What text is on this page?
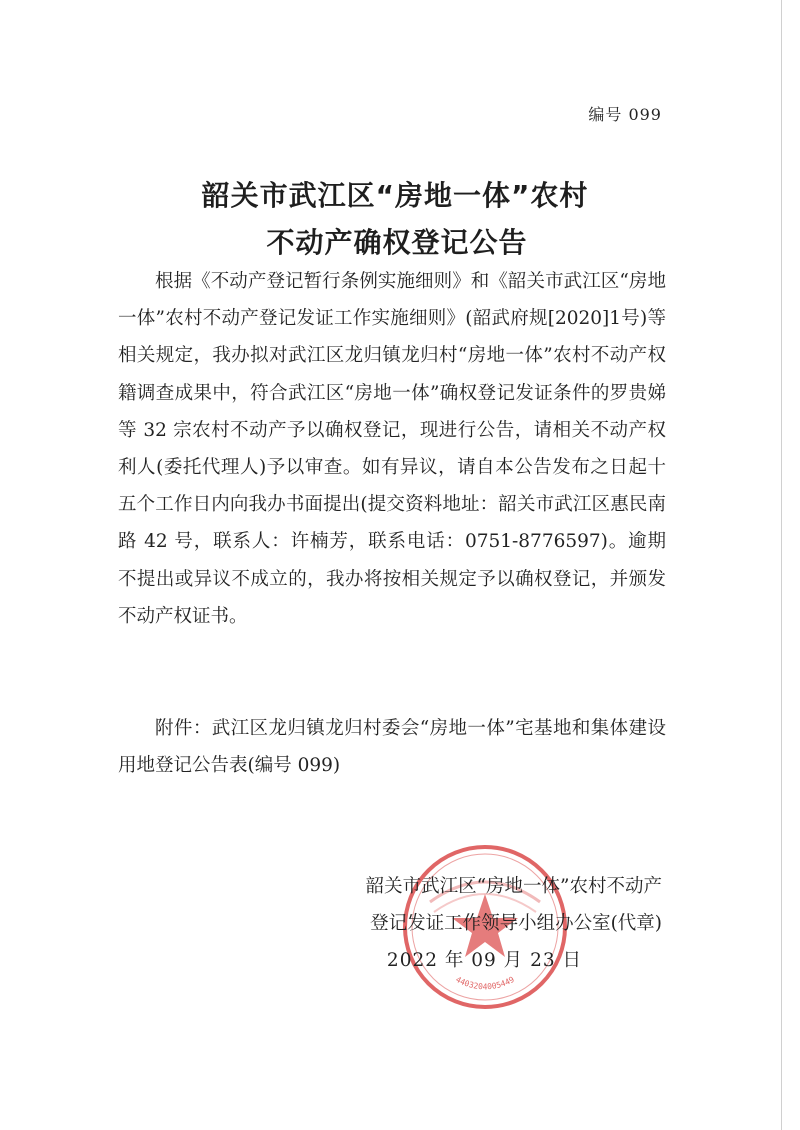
编号 099
韶关市武江区“房地一体”农村
不动产确权登记公告

根据《不动产登记暂行条例实施细则》和《韶关市武江区“房地一体”农村不动产登记发证工作实施细则》(韶武府规[2020]1号)等相关规定，我办拟对武江区龙归镇龙归村“房地一体”农村不动产权籍调查成果中，符合武江区“房地一体”确权登记发证条件的罗贵娣等 32 宗农村不动产予以确权登记，现进行公告，请相关不动产权利人(委托代理人)予以审查。如有异议，请自本公告发布之日起十五个工作日内向我办书面提出(提交资料地址：韶关市武江区惠民南路 42 号，联系人：许楠芳，联系电话：0751-8776597)。逾期不提出或异议不成立的，我办将按相关规定予以确权登记，并颁发不动产权证书。

附件：武江区龙归镇龙归村委会“房地一体”宅基地和集体建设用地登记公告表(编号 099)

4403204005449
韶关市武江区“房地一体”农村不动产
登记发证工作领导小组办公室(代章)
2022 年 09 月 23 日
